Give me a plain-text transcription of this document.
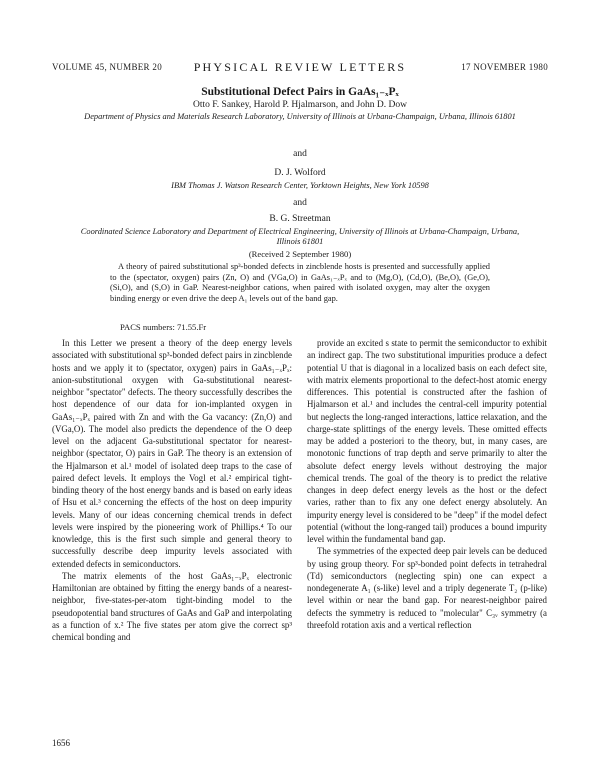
VOLUME 45, NUMBER 20	PHYSICAL REVIEW LETTERS	17 NOVEMBER 1980
Substitutional Defect Pairs in GaAs₁₋ₓPₓ
Otto F. Sankey, Harold P. Hjalmarson, and John D. Dow
Department of Physics and Materials Research Laboratory, University of Illinois at Urbana-Champaign, Urbana, Illinois 61801
and
D. J. Wolford
IBM Thomas J. Watson Research Center, Yorktown Heights, New York 10598
and
B. G. Streetman
Coordinated Science Laboratory and Department of Electrical Engineering, University of Illinois at Urbana-Champaign, Urbana, Illinois 61801
(Received 2 September 1980)
A theory of paired substitutional sp³-bonded defects in zincblende hosts is presented and successfully applied to the (spectator, oxygen) pairs (Zn, O) and (VGa,O) in GaAs₁₋ₓPₓ and to (Mg,O), (Cd,O), (Be,O), (Ge,O), (Si,O), and (S,O) in GaP. Nearest-neighbor cations, when paired with isolated oxygen, may alter the oxygen binding energy or even drive the deep A₁ levels out of the band gap.
PACS numbers: 71.55.Fr

In this Letter we present a theory of the deep energy levels associated with substitutional sp³-bonded defect pairs in zincblende hosts and we apply it to (spectator, oxygen) pairs in GaAs₁₋ₓPₓ: anion-substitutional oxygen with Ga-substitutional nearest-neighbor "spectator" defects. The theory successfully describes the host dependence of our data for ion-implanted oxygen in GaAs₁₋ₓPₓ paired with Zn and with the Ga vacancy: (Zn,O) and (VGa,O). The model also predicts the dependence of the O deep level on the adjacent Ga-substitutional spectator for nearest-neighbor (spectator, O) pairs in GaP. The theory is an extension of the Hjalmarson et al.¹ model of isolated deep traps to the case of paired defect levels. It employs the Vogl et al.² empirical tight-binding theory of the host energy bands and is based on early ideas of Hsu et al.³ concerning the effects of the host on deep impurity levels. Many of our ideas concerning chemical trends in defect levels were inspired by the pioneering work of Phillips.⁴ To our knowledge, this is the first such simple and general theory to successfully describe deep impurity levels associated with extended defects in semiconductors.

The matrix elements of the host GaAs₁₋ₓPₓ electronic Hamiltonian are obtained by fitting the energy bands of a nearest-neighbor, five-states-per-atom tight-binding model to the pseudopotential band structures of GaAs and GaP and interpolating as a function of x.² The five states per atom give the correct sp³ chemical bonding and

provide an excited s state to permit the semiconductor to exhibit an indirect gap. The two substitutional impurities produce a defect potential U that is diagonal in a localized basis on each defect site, with matrix elements proportional to the defect-host atomic energy differences. This potential is constructed after the fashion of Hjalmarson et al.¹ and includes the central-cell impurity potential but neglects the long-ranged interactions, lattice relaxation, and the charge-state splittings of the energy levels. These omitted effects may be added a posteriori to the theory, but, in many cases, are monotonic functions of trap depth and serve primarily to alter the absolute defect energy levels without destroying the major chemical trends. The goal of the theory is to predict the relative changes in deep defect energy levels as the host or the defect varies, rather than to fix any one defect energy absolutely. An impurity energy level is considered to be "deep" if the model defect potential (without the long-ranged tail) produces a bound impurity level within the fundamental band gap.

The symmetries of the expected deep pair levels can be deduced by using group theory. For sp³-bonded point defects in tetrahedral (Td) semiconductors (neglecting spin) one can expect a nondegenerate A₁ (s-like) level and a triply degenerate T₂ (p-like) level within or near the band gap. For nearest-neighbor paired defects the symmetry is reduced to "molecular" C₃ᵥ symmetry (a threefold rotation axis and a vertical reflection

1656
